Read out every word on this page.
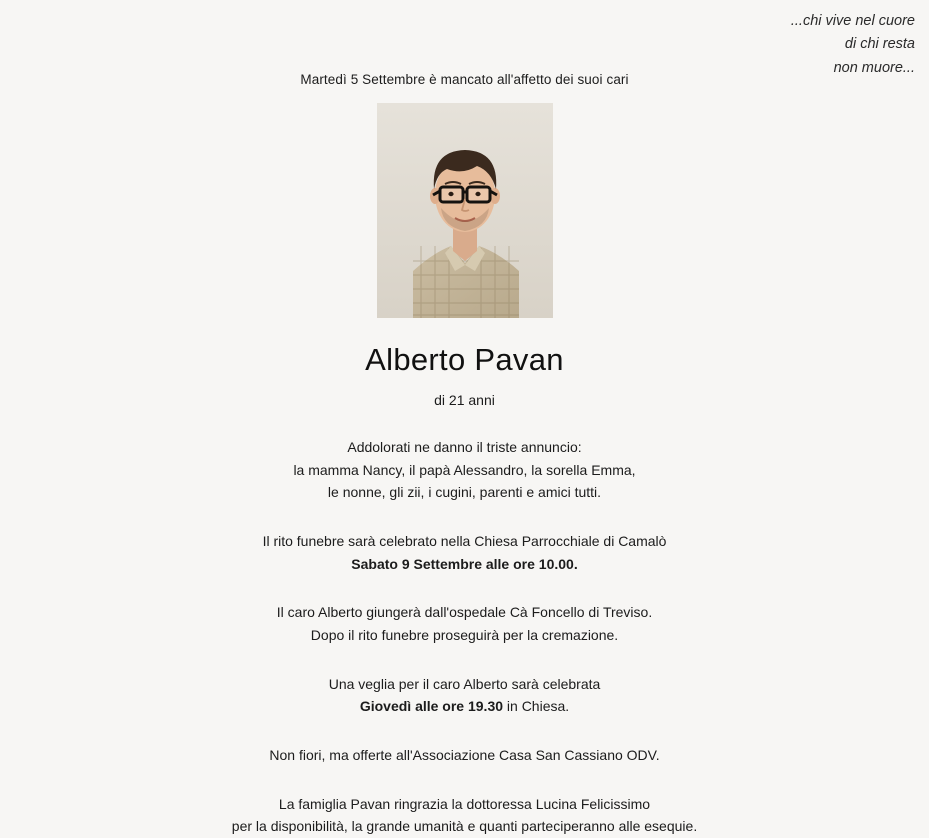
...chi vive nel cuore
di chi resta
non muore...
Martedì 5 Settembre è mancato all'affetto dei suoi cari
Alberto Pavan
di 21 anni

Addolorati ne danno il triste annuncio:

la mamma Nancy, il papà Alessandro, la sorella Emma,

le nonne, gli zii, i cugini, parenti e amici tutti.

Il rito funebre sarà celebrato nella Chiesa Parrocchiale di Camalò

Sabato 9 Settembre alle ore 10.00.

Il caro Alberto giungerà dall'ospedale Cà Foncello di Treviso.

Dopo il rito funebre proseguirà per la cremazione.

Una veglia per il caro Alberto sarà celebrata

Giovedì alle ore 19.30 in Chiesa.

Non fiori, ma offerte all'Associazione Casa San Cassiano ODV.

La famiglia Pavan ringrazia la dottoressa Lucina Felicissimo

per la disponibilità, la grande umanità e quanti parteciperanno alle esequie.
